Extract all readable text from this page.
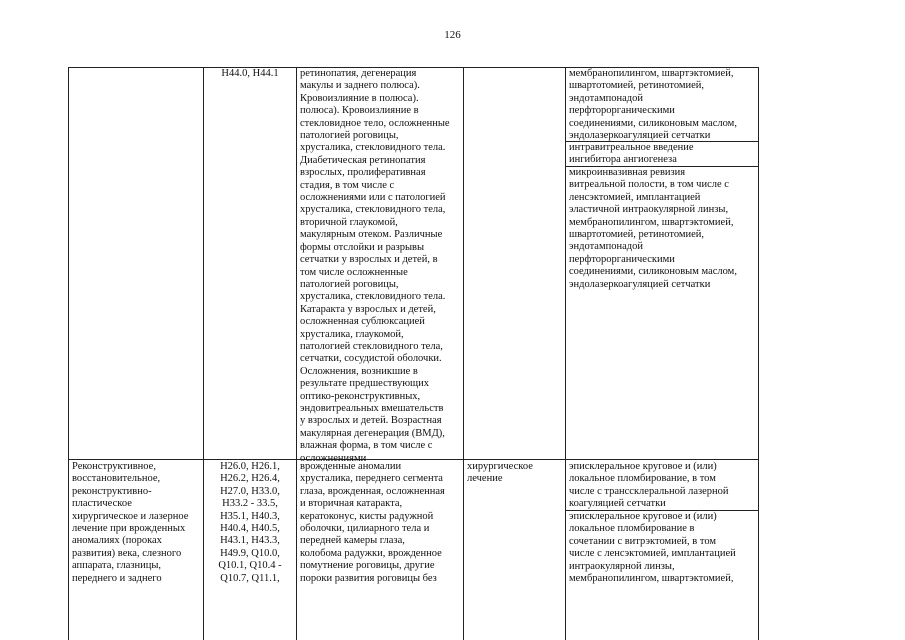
126
H44.0, H44.1	ретинопатия, дегенерация
макулы и заднего полюса).
Кровоизлияние в полюса).
полюса). Кровоизлияние в
стекловидное тело, осложненные
патологией роговицы,
хрусталика, стекловидного тела.
Диабетическая ретинопатия
взрослых, пролиферативная
стадия, в том числе с
осложнениями или с патологией
хрусталика, стекловидного тела,
вторичной глаукомой,
макулярным отеком. Различные
формы отслойки и разрывы
сетчатки у взрослых и детей, в
том числе осложненные
патологией роговицы,
хрусталика, стекловидного тела.
Катаракта у взрослых и детей,
осложненная сублюксацией
хрусталика, глаукомой,
патологией стекловидного тела,
сетчатки, сосудистой оболочки.
Осложнения, возникшие в
результате предшествующих
оптико-реконструктивных,
эндовитреальных вмешательств
у взрослых и детей. Возрастная
макулярная дегенерация (ВМД),
влажная форма, в том числе с
осложнениями
мембранопилингом, швартэктомией,
швартотомией, ретинотомией,
эндотампонадой
перфторорганическими
соединениями, силиконовым маслом,
эндолазеркоагуляцией сетчатки
интравитреальное введение
ингибитора ангиогенеза
микроинвазивная ревизия
витреальной полости, в том числе с
ленсэктомией, имплантацией
эластичной интраокулярной линзы,
мембранопилингом, швартэктомией,
швартотомией, ретинотомией,
эндотампонадой
перфторорганическими
соединениями, силиконовым маслом,
эндолазеркоагуляцией сетчатки
Реконструктивное,
восстановительное,
реконструктивно-
пластическое
хирургическое и лазерное
лечение при врожденных
аномалиях (пороках
развития) века, слезного
аппарата, глазницы,
переднего и заднего
H26.0, H26.1,
H26.2, H26.4,
H27.0, H33.0,
H33.2 - 33.5,
H35.1, H40.3,
H40.4, H40.5,
H43.1, H43.3,
H49.9, Q10.0,
Q10.1, Q10.4 -
Q10.7, Q11.1,
врожденные аномалии
хрусталика, переднего сегмента
глаза, врожденная, осложненная
и вторичная катаракта,
кератоконус, кисты радужной
оболочки, цилиарного тела и
передней камеры глаза,
колобома радужки, врожденное
помутнение роговицы, другие
пороки развития роговицы без
хирургическое
лечение
эписклеральное круговое и (или)
локальное пломбирование, в том
числе с транссклеральной лазерной
коагуляцией сетчатки
эписклеральное круговое и (или)
локальное пломбирование в
сочетании с витрэктомией, в том
числе с ленсэктомией, имплантацией
интраокулярной линзы,
мембранопилингом, швартэктомией,
